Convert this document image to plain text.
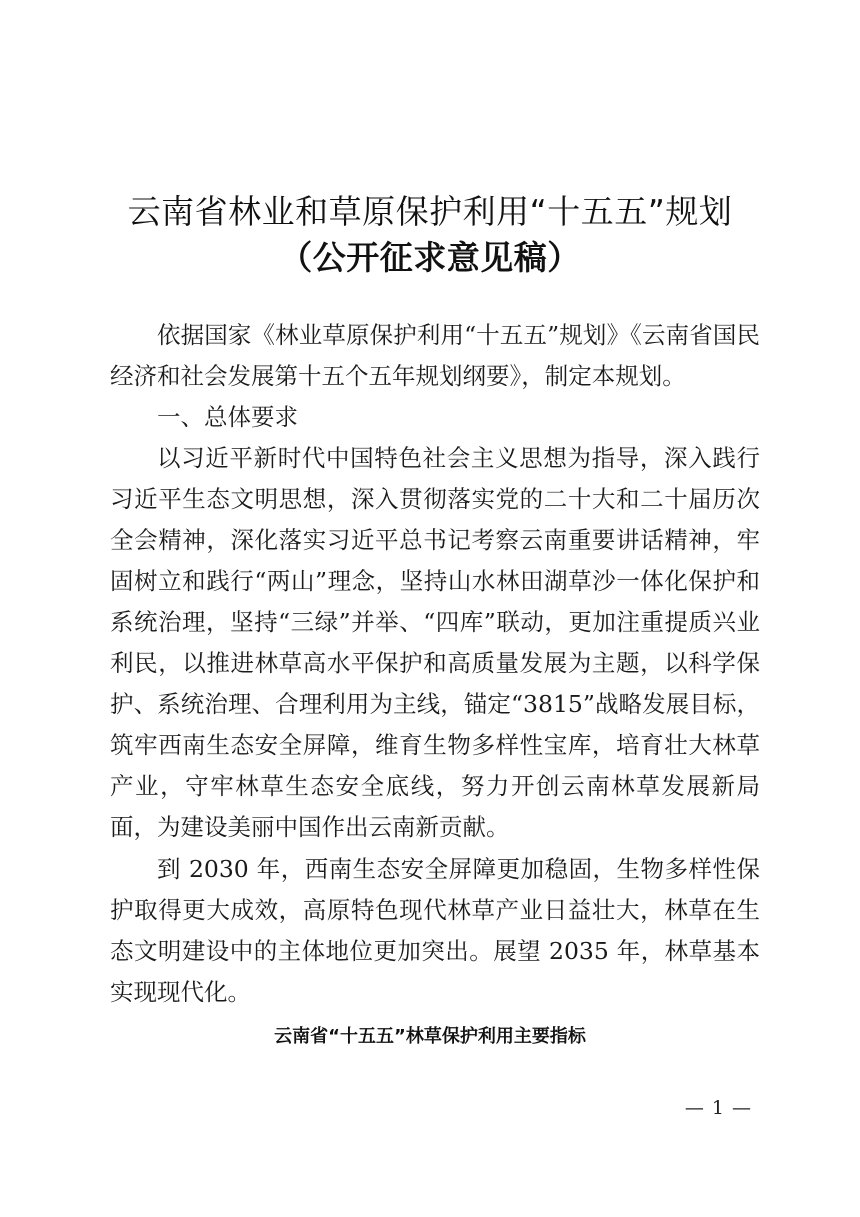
云南省林业和草原保护利用“十五五”规划
（公开征求意见稿）

依据国家《林业草原保护利用“十五五”规划》《云南省国民经济和社会发展第十五个五年规划纲要》，制定本规划。

一、总体要求

以习近平新时代中国特色社会主义思想为指导，深入践行习近平生态文明思想，深入贯彻落实党的二十大和二十届历次全会精神，深化落实习近平总书记考察云南重要讲话精神，牢固树立和践行“两山”理念，坚持山水林田湖草沙一体化保护和系统治理，坚持“三绿”并举、“四库”联动，更加注重提质兴业利民，以推进林草高水平保护和高质量发展为主题，以科学保护、系统治理、合理利用为主线，锚定“3815”战略发展目标，筑牢西南生态安全屏障，维育生物多样性宝库，培育壮大林草产业，守牢林草生态安全底线，努力开创云南林草发展新局面，为建设美丽中国作出云南新贡献。

到 2030 年，西南生态安全屏障更加稳固，生物多样性保护取得更大成效，高原特色现代林草产业日益壮大，林草在生态文明建设中的主体地位更加突出。展望 2035 年，林草基本实现现代化。

云南省“十五五”林草保护利用主要指标
— 1 —
